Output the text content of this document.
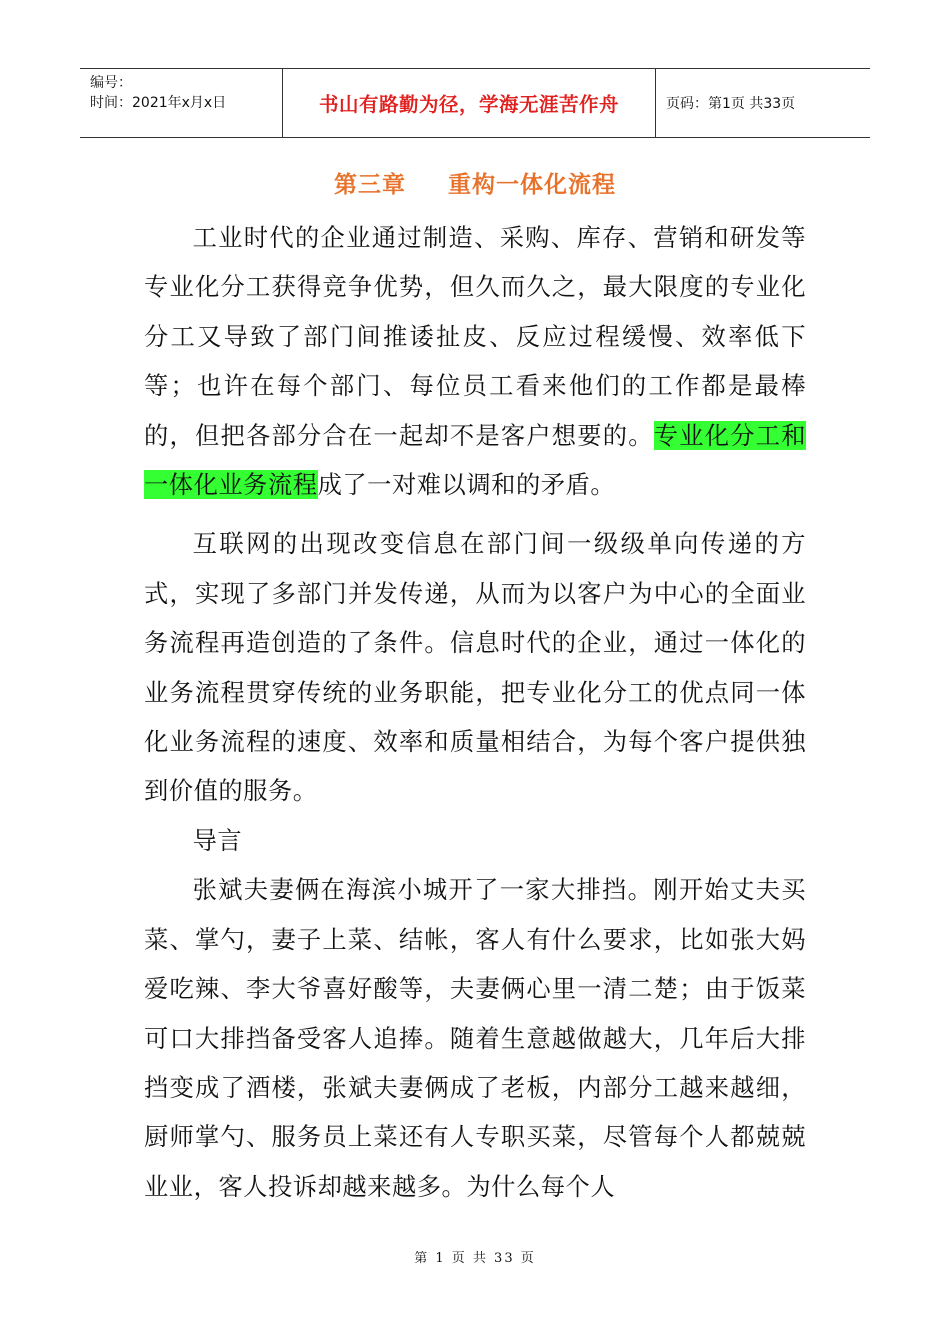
编号：
时间：2021年x月x日	书山有路勤为径，学海无涯苦作舟	页码：第1页 共33页
第三章 重构一体化流程

工业时代的企业通过制造、采购、库存、营销和研发等专业化分工获得竞争优势，但久而久之，最大限度的专业化分工又导致了部门间推诿扯皮、反应过程缓慢、效率低下等；也许在每个部门、每位员工看来他们的工作都是最棒的，但把各部分合在一起却不是客户想要的。专业化分工和一体化业务流程成了一对难以调和的矛盾。

互联网的出现改变信息在部门间一级级单向传递的方式，实现了多部门并发传递，从而为以客户为中心的全面业务流程再造创造的了条件。信息时代的企业，通过一体化的业务流程贯穿传统的业务职能，把专业化分工的优点同一体化业务流程的速度、效率和质量相结合，为每个客户提供独到价值的服务。

导言

张斌夫妻俩在海滨小城开了一家大排挡。刚开始丈夫买菜、掌勺，妻子上菜、结帐，客人有什么要求，比如张大妈爱吃辣、李大爷喜好酸等，夫妻俩心里一清二楚；由于饭菜可口大排挡备受客人追捧。随着生意越做越大，几年后大排挡变成了酒楼，张斌夫妻俩成了老板，内部分工越来越细，厨师掌勺、服务员上菜还有人专职买菜，尽管每个人都兢兢业业，客人投诉却越来越多。为什么每个人

第 1 页 共 33 页
